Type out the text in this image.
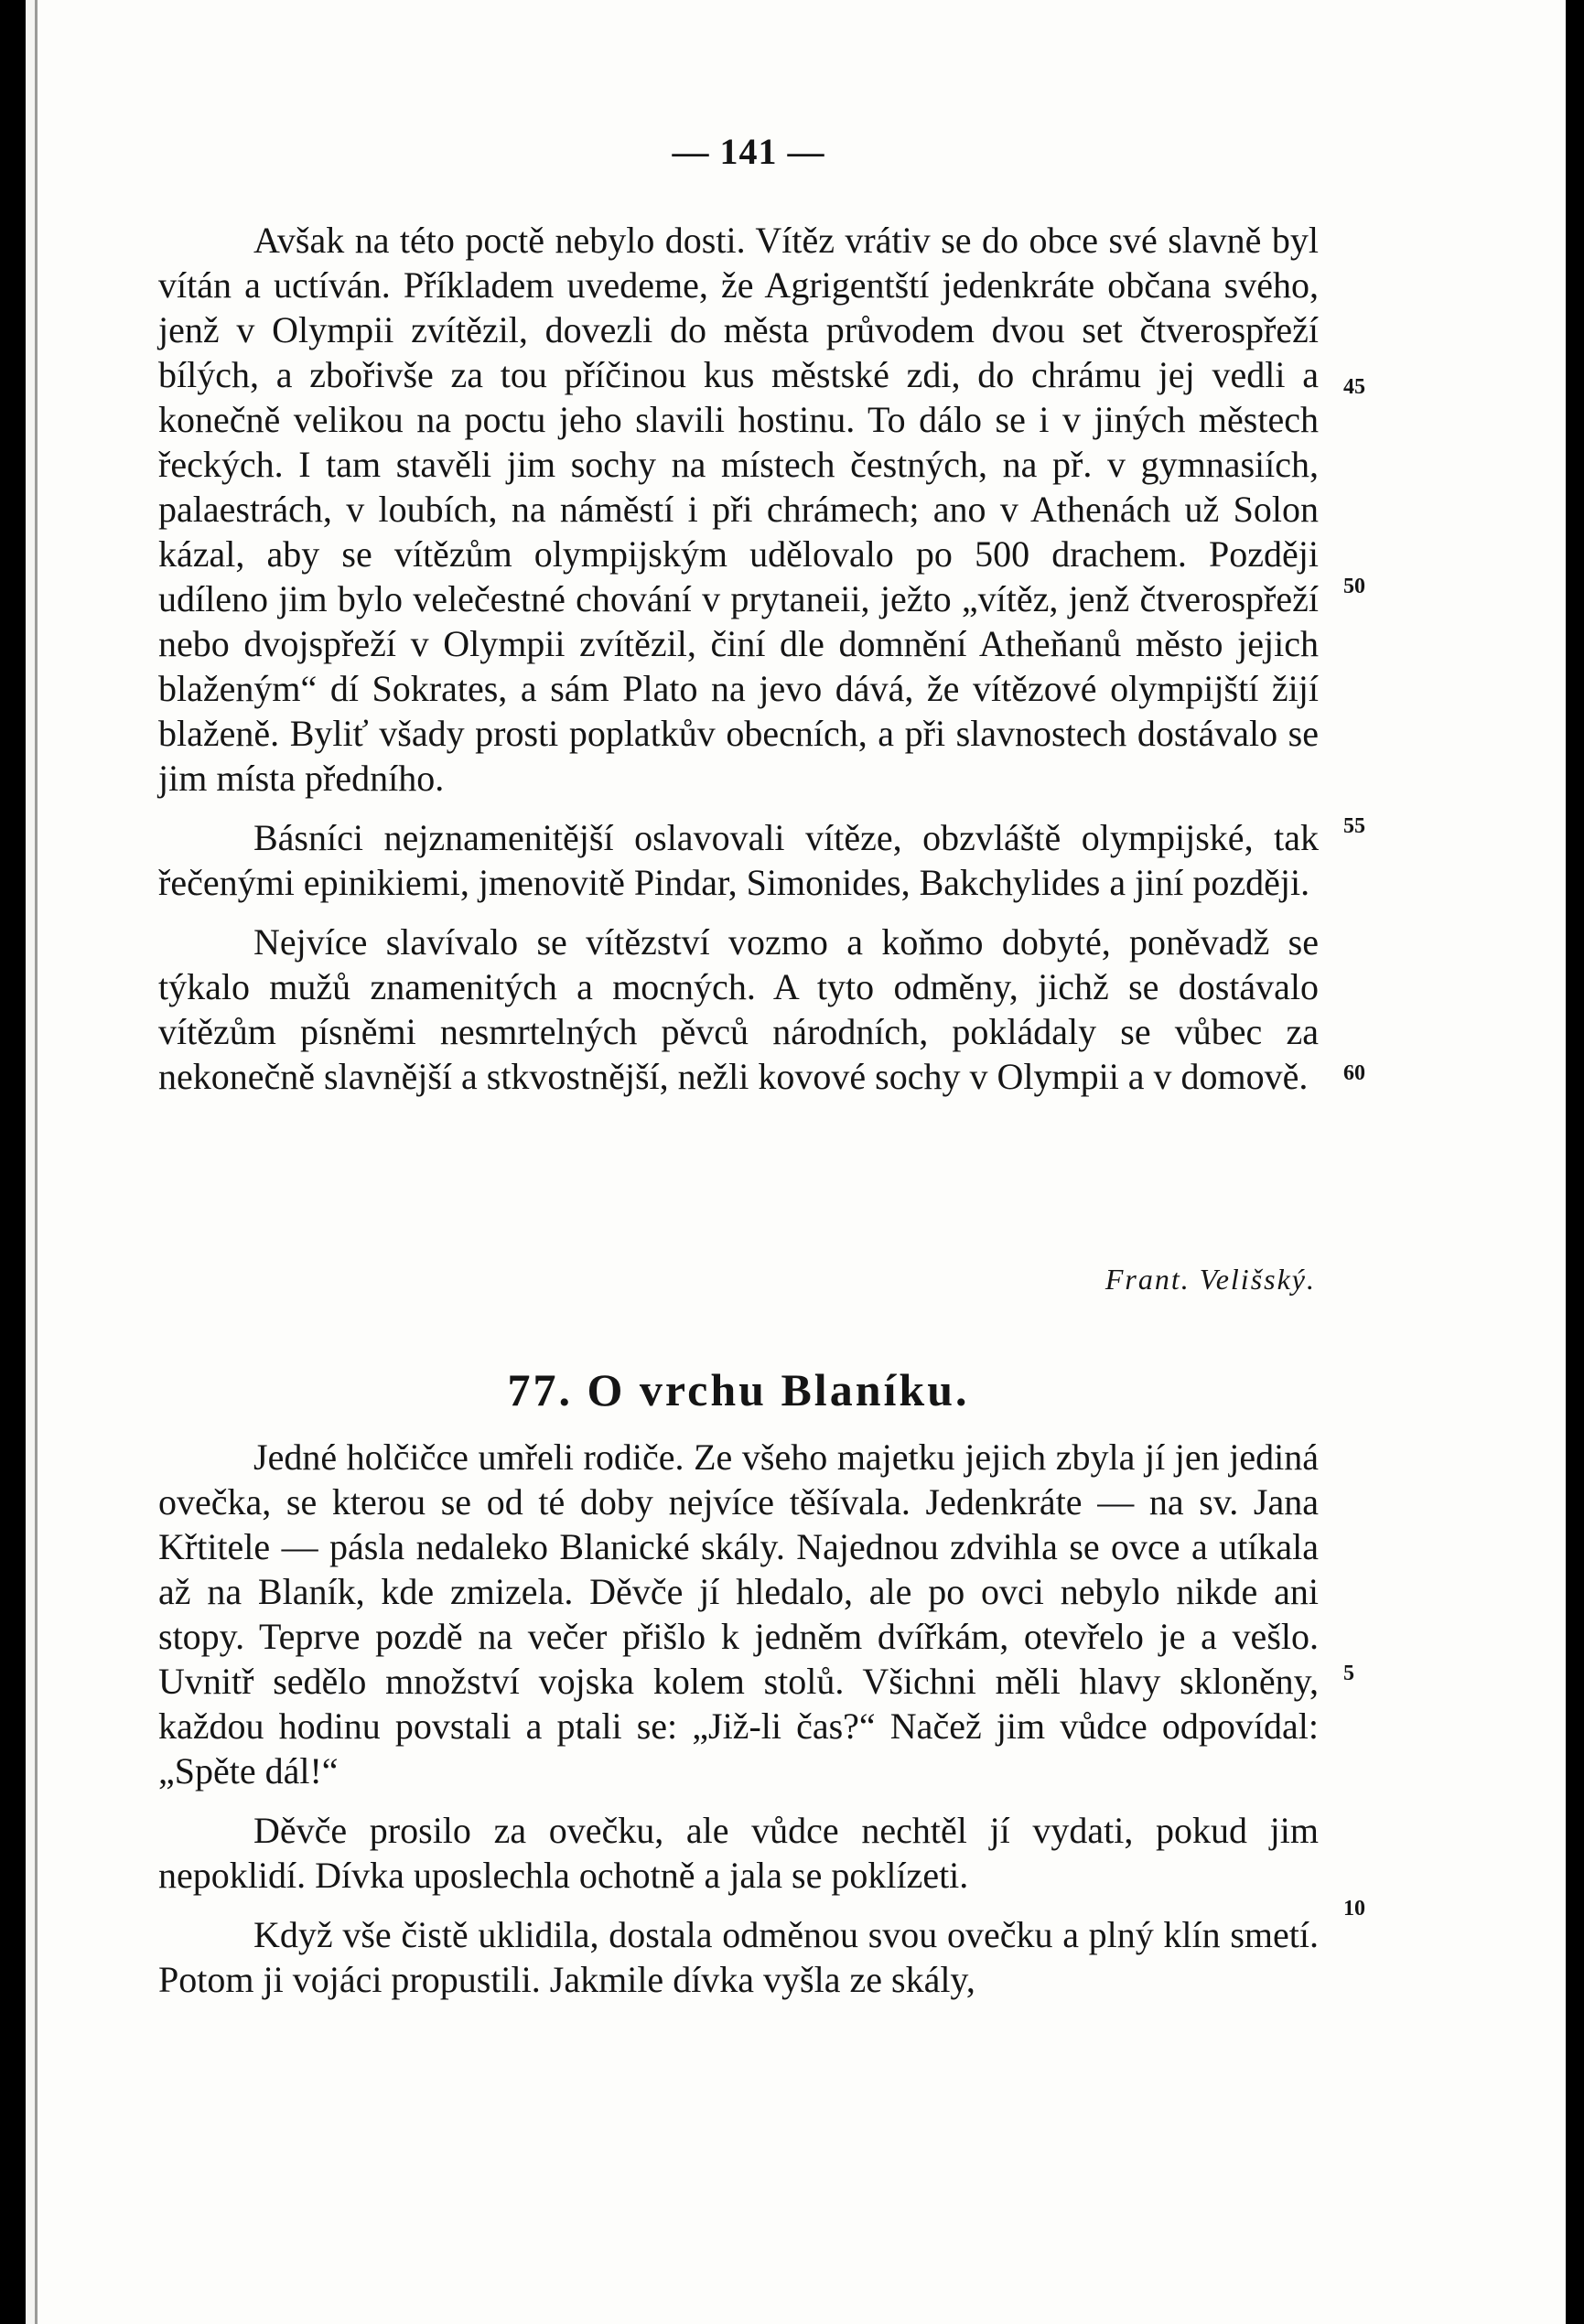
— 141 —

Avšak na této poctě nebylo dosti. Vítěz vrátiv se do obce své slavně byl vítán a uctíván. Příkladem uvedeme, že Agrigentští jedenkráte občana svého, jenž v Olympii zvítězil, dovezli do města průvodem dvou set čtverospřeží bílých, a zbořivše za tou příčinou kus městské zdi, do chrámu jej vedli a konečně velikou na poctu jeho slavili hostinu. To dálo se i v jiných městech řeckých. I tam stavěli jim sochy na místech čestných, na př. v gymnasiích, palaestrách, v loubích, na náměstí i při chrámech; ano v Athenách už Solon kázal, aby se vítězům olympijským udělovalo po 500 drachem. Později udíleno jim bylo velečestné chování v prytaneii, ježto „vítěz, jenž čtverospřeží nebo dvojspřeží v Olympii zvítězil, činí dle domnění Atheňanů město jejich blaženým“ dí Sokrates, a sám Plato na jevo dává, že vítězové olympijští žijí blaženě. Byliť všady prosti poplatkův obecních, a při slavnostech dostávalo se jim místa předního.

Básníci nejznamenitější oslavovali vítěze, obzvláště olympijské, tak řečenými epinikiemi, jmenovitě Pindar, Simonides, Bakchylides a jiní později.

Nejvíce slavívalo se vítězství vozmo a koňmo dobyté, poněvadž se týkalo mužů znamenitých a mocných. A tyto odměny, jichž se dostávalo vítězům písněmi nesmrtelných pěvců národních, pokládaly se vůbec za nekonečně slavnější a stkvostnější, nežli kovové sochy v Olympii a v domově.

Frant. Velišský.
77. O vrchu Blaníku.

Jedné holčičce umřeli rodiče. Ze všeho majetku jejich zbyla jí jen jediná ovečka, se kterou se od té doby nejvíce těšívala. Jedenkráte — na sv. Jana Křtitele — pásla nedaleko Blanické skály. Najednou zdvihla se ovce a utíkala až na Blaník, kde zmizela. Děvče jí hledalo, ale po ovci nebylo nikde ani stopy. Teprve pozdě na večer přišlo k jedněm dvířkám, otevřelo je a vešlo. Uvnitř sedělo množství vojska kolem stolů. Všichni měli hlavy skloněny, každou hodinu povstali a ptali se: „Již-li čas?“ Načež jim vůdce odpovídal: „Spěte dál!“

Děvče prosilo za ovečku, ale vůdce nechtěl jí vydati, pokud jim nepoklidí. Dívka uposlechla ochotně a jala se poklízeti.

Když vše čistě uklidila, dostala odměnou svou ovečku a plný klín smetí. Potom ji vojáci propustili. Jakmile dívka vyšla ze skály,

45
50
55
60
5
10
